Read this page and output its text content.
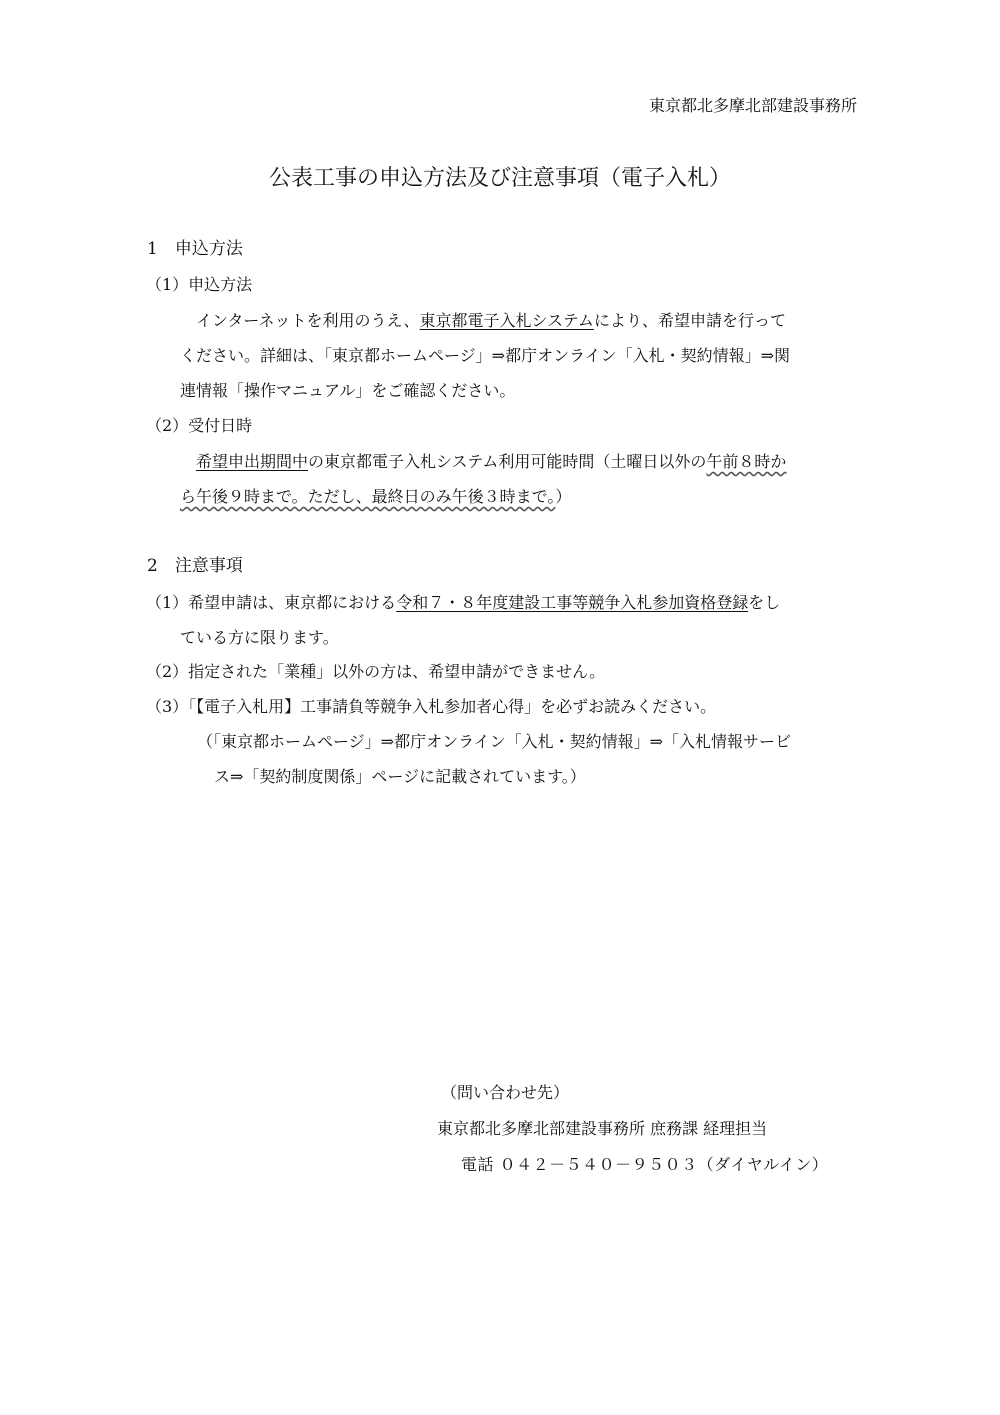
東京都北多摩北部建設事務所
公表工事の申込方法及び注意事項（電子入札）
1　申込方法
（1）申込方法
インターネットを利用のうえ、東京都電子入札システムにより、希望申請を行って
ください。詳細は、「東京都ホームページ」⇒都庁オンライン「入札・契約情報」⇒関
連情報「操作マニュアル」をご確認ください。
（2）受付日時
希望申出期間中の東京都電子入札システム利用可能時間（土曜日以外の午前８時か
ら午後９時まで。ただし、最終日のみ午後３時まで。）
2　注意事項
（1）希望申請は、東京都における令和７・８年度建設工事等競争入札参加資格登録をし
ている方に限ります。
（2）指定された「業種」以外の方は、希望申請ができません。
（3）「【電子入札用】工事請負等競争入札参加者心得」を必ずお読みください。
（「東京都ホームページ」⇒都庁オンライン「入札・契約情報」⇒「入札情報サービ
ス⇒「契約制度関係」ページに記載されています。）
（問い合わせ先）
東京都北多摩北部建設事務所 庶務課 経理担当
電話 ０４２－５４０－９５０３（ダイヤルイン）
